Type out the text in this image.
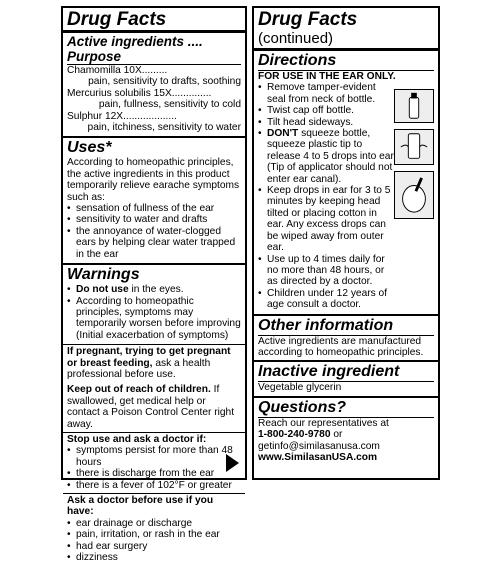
Drug Facts
Active ingredients .... Purpose
Chamomilla 10X.........
pain, sensitivity to drafts, soothing
Mercurius solubilis 15X..............
pain, fullness, sensitivity to cold
Sulphur 12X...................
pain, itchiness, sensitivity to water
Uses*
According to homeopathic principles, the active ingredients in this product temporarily relieve earache symptoms such as:
• sensation of fullness of the ear
• sensitivity to water and drafts
• the annoyance of water-clogged ears by helping clear water trapped in the ear
Warnings
• Do not use in the eyes.
• According to homeopathic principles, symptoms may temporarily worsen before improving (Initial exacerbation of symptoms)
If pregnant, trying to get pregnant or breast feeding, ask a health professional before use.
Keep out of reach of children. If swallowed, get medical help or contact a Poison Control Center right away.
Stop use and ask a doctor if:
• symptoms persist for more than 48 hours
• there is discharge from the ear
• there is a fever of 102°F or greater
Ask a doctor before use if you have:
• ear drainage or discharge
• pain, irritation, or rash in the ear
• had ear surgery
• dizziness
Drug Facts (continued)
Directions
FOR USE IN THE EAR ONLY.
• Remove tamper-evident seal from neck of bottle.
• Twist cap off bottle.
• Tilt head sideways.
• DON'T squeeze bottle, squeeze plastic tip to release 4 to 5 drops into ear (Tip of applicator should not enter ear canal).
• Keep drops in ear for 3 to 5 minutes by keeping head tilted or placing cotton in ear. Any excess drops can be wiped away from outer ear.
• Use up to 4 times daily for no more than 48 hours, or as directed by a doctor.
• Children under 12 years of age consult a doctor.
Other information
Active ingredients are manufactured according to homeopathic principles.
Inactive ingredient
Vegetable glycerin
Questions?
Reach our representatives at
1-800-240-9780 or
getinfo@similasanusa.com
www.SimilasanUSA.com
